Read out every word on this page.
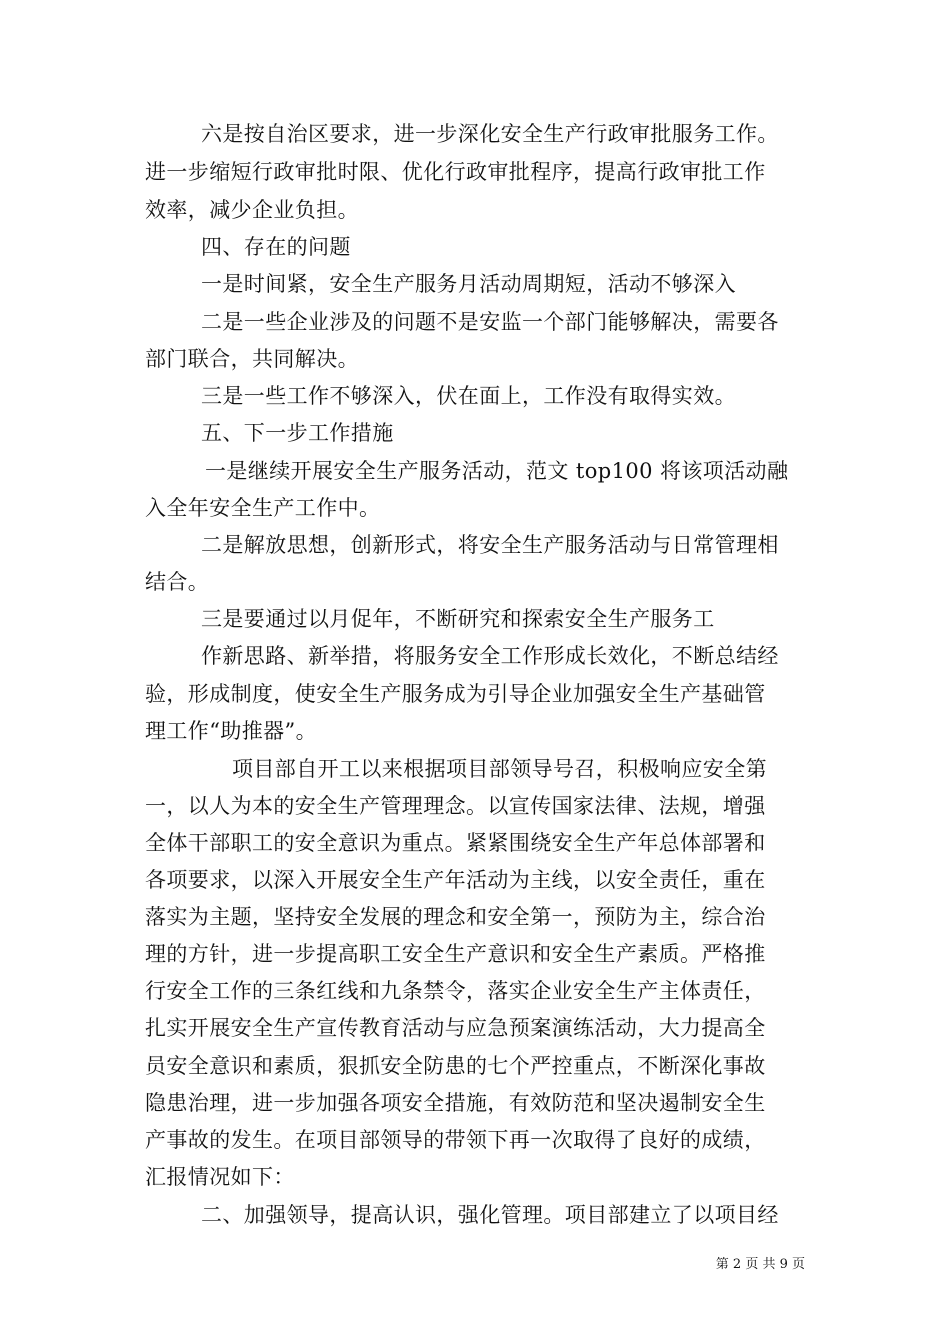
六是按自治区要求，进一步深化安全生产行政审批服务工作。
进一步缩短行政审批时限、优化行政审批程序，提高行政审批工作
效率，减少企业负担。
四、存在的问题
一是时间紧，安全生产服务月活动周期短，活动不够深入
二是一些企业涉及的问题不是安监一个部门能够解决，需要各
部门联合，共同解决。
三是一些工作不够深入，伏在面上，工作没有取得实效。
五、下一步工作措施
一是继续开展安全生产服务活动，范文 top100 将该项活动融
入全年安全生产工作中。
二是解放思想，创新形式，将安全生产服务活动与日常管理相
结合。
三是要通过以月促年，不断研究和探索安全生产服务工
作新思路、新举措，将服务安全工作形成长效化，不断总结经
验，形成制度，使安全生产服务成为引导企业加强安全生产基础管
理工作“助推器”。
项目部自开工以来根据项目部领导号召，积极响应安全第
一，以人为本的安全生产管理理念。以宣传国家法律、法规，增强
全体干部职工的安全意识为重点。紧紧围绕安全生产年总体部署和
各项要求，以深入开展安全生产年活动为主线，以安全责任，重在
落实为主题，坚持安全发展的理念和安全第一，预防为主，综合治
理的方针，进一步提高职工安全生产意识和安全生产素质。严格推
行安全工作的三条红线和九条禁令，落实企业安全生产主体责任，
扎实开展安全生产宣传教育活动与应急预案演练活动，大力提高全
员安全意识和素质，狠抓安全防患的七个严控重点，不断深化事故
隐患治理，进一步加强各项安全措施，有效防范和坚决遏制安全生
产事故的发生。在项目部领导的带领下再一次取得了良好的成绩，
汇报情况如下：
二、加强领导，提高认识，强化管理。项目部建立了以项目经
第 2 页 共 9 页
